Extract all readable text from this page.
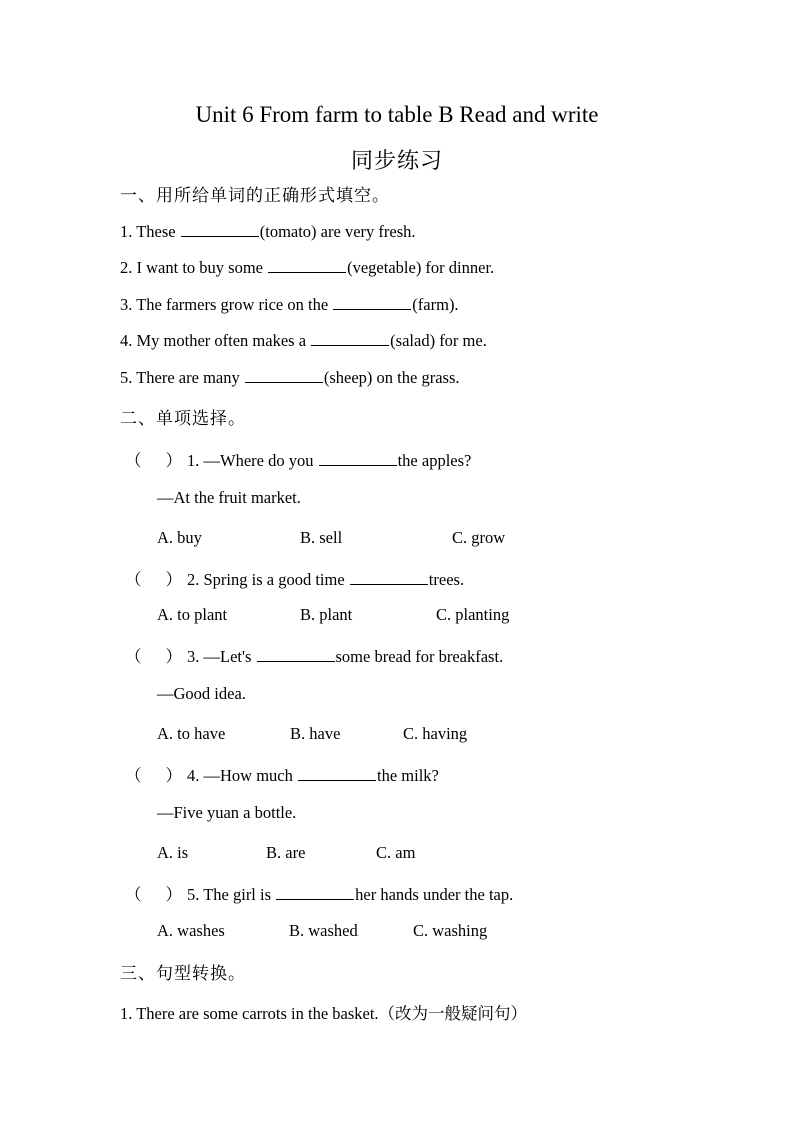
Unit 6 From farm to table B Read and write
同步练习
一、用所给单词的正确形式填空。
1. These	(tomato) are very fresh.
2. I want to buy some	(vegetable) for dinner.
3. The farmers grow rice on the	(farm).
4. My mother often makes a	(salad) for me.
5. There are many	(sheep) on the grass.
二、单项选择。
（ ） 1. —Where do you	the apples?
—At the fruit market.
A. buy	B. sell	C. grow
（ ） 2. Spring is a good time	trees.
A. to plant	B. plant	C. planting
（ ） 3. —Let's	some bread for breakfast.
—Good idea.
A. to have	B. have	C. having
（ ） 4. —How much	the milk?
—Five yuan a bottle.
A. is	B. are	C. am
（ ） 5. The girl is	her hands under the tap.
A. washes	B. washed	C. washing
三、句型转换。
1. There are some carrots in the basket.（改为一般疑问句）
